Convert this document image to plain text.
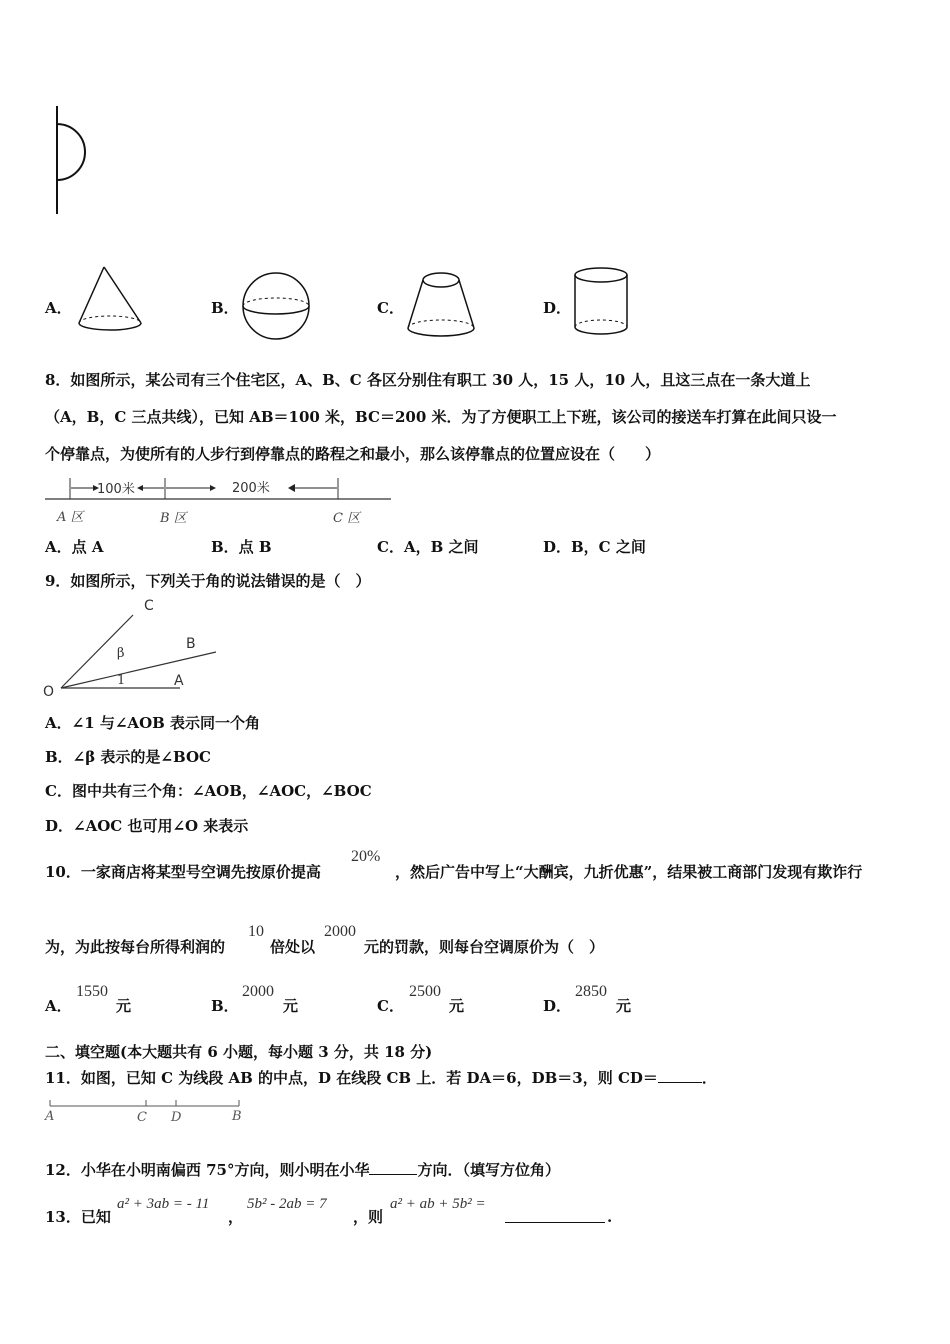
A．	B．	C．	D．
8．如图所示，某公司有三个住宅区，A、B、C 各区分别住有职工 30 人，15 人，10 人，且这三点在一条大道上
（A，B，C 三点共线），已知 AB＝100 米，BC＝200 米．为了方便职工上下班，该公司的接送车打算在此间只设一
个停靠点，为使所有的人步行到停靠点的路程之和最小，那么该停靠点的位置应设在（　　）
100米	200米
A 区	B 区	C 区
A．点 A	B．点 B	C．A，B 之间	D．B，C 之间
9．如图所示，下列关于角的说法错误的是（　）
O
A
B
C
β
1
A．∠1 与∠AOB 表示同一个角
B．∠β 表示的是∠BOC
C．图中共有三个角：∠AOB，∠AOC，∠BOC
D．∠AOC 也可用∠O 来表示
10．一家商店将某型号空调先按原价提高
20%
，然后广告中写上“大酬宾，九折优惠”，结果被工商部门发现有欺诈行
为，为此按每台所得利润的
10
倍处以
2000
元的罚款，则每台空调原价为（　）
A．
1550
元	B．
2000
元	C．
2500
元	D．
2850
元
二、填空题(本大题共有 6 小题，每小题 3 分，共 18 分)
11．如图，已知 C 为线段 AB 的中点，D 在线段 CB 上．若 DA＝6，DB＝3，则 CD＝	．
A	C D	B
12．小华在小明南偏西 75°方向，则小明在小华	方向．（填写方位角）
13．已知
a² + 3ab = - 11
，
5b² - 2ab = 7
，则
a² + ab + 5b² =
.
